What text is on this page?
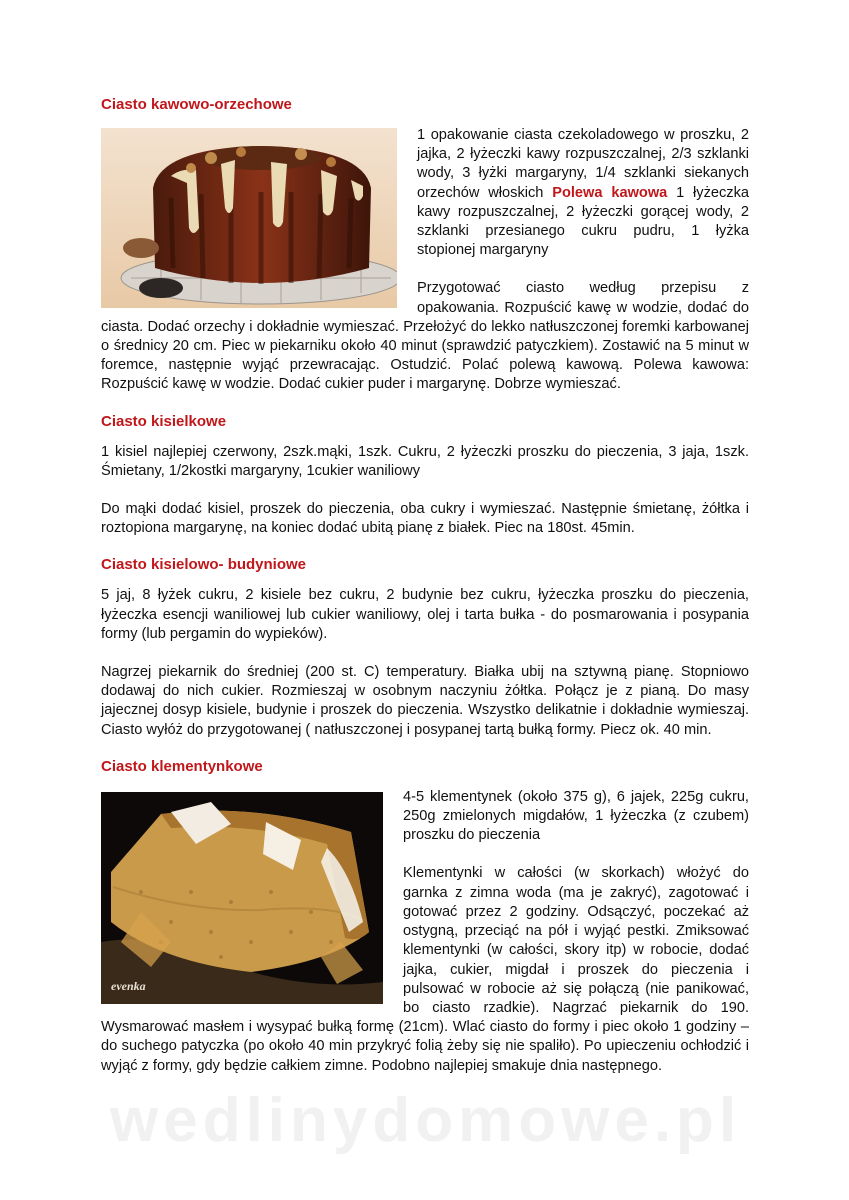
wedlinydomowe.pl
Ciasto kawowo-orzechowe

1 opakowanie ciasta czekoladowego w proszku, 2 jajka, 2 łyżeczki kawy rozpuszczalnej, 2/3 szklanki wody, 3 łyżki margaryny, 1/4 szklanki siekanych orzechów włoskich Polewa kawowa 1 łyżeczka kawy rozpuszczalnej, 2 łyżeczki gorącej wody, 2 szklanki przesianego cukru pudru, 1 łyżka stopionej margaryny

Przygotować ciasto według przepisu z opakowania. Rozpuścić kawę w wodzie, dodać do ciasta. Dodać orzechy i dokładnie wymieszać. Przełożyć do lekko natłuszczonej foremki karbowanej o średnicy 20 cm. Piec w piekarniku około 40 minut (sprawdzić patyczkiem). Zostawić na 5 minut w foremce, następnie wyjąć przewracając. Ostudzić. Polać polewą kawową. Polewa kawowa: Rozpuścić kawę w wodzie. Dodać cukier puder i margarynę. Dobrze wymieszać.

Ciasto kisielkowe

1 kisiel najlepiej czerwony, 2szk.mąki, 1szk. Cukru, 2 łyżeczki proszku do pieczenia, 3 jaja, 1szk. Śmietany, 1/2kostki margaryny, 1cukier waniliowy

Do mąki dodać kisiel, proszek do pieczenia, oba cukry i wymieszać. Następnie śmietanę, żółtka i roztopiona margarynę, na koniec dodać ubitą pianę z białek. Piec na 180st. 45min.

Ciasto kisielowo- budyniowe

5 jaj, 8 łyżek cukru, 2 kisiele bez cukru, 2 budynie bez cukru, łyżeczka proszku do pieczenia, łyżeczka esencji waniliowej lub cukier waniliowy, olej i tarta bułka - do posmarowania i posypania formy (lub pergamin do wypieków).

Nagrzej piekarnik do średniej (200 st. C) temperatury. Białka ubij na sztywną pianę. Stopniowo dodawaj do nich cukier. Rozmieszaj w osobnym naczyniu żółtka. Połącz je z pianą. Do masy jajecznej dosyp kisiele, budynie i proszek do pieczenia. Wszystko delikatnie i dokładnie wymieszaj. Ciasto wyłóż do przygotowanej ( natłuszczonej i posypanej tartą bułką formy. Piecz ok. 40 min.

Ciasto klementynkowe
evenka

4-5 klementynek (około 375 g), 6 jajek, 225g cukru, 250g zmielonych migdałów, 1 łyżeczka (z czubem) proszku do pieczenia

Klementynki w całości (w skorkach) włożyć do garnka z zimna woda (ma je zakryć), zagotować i gotować przez 2 godziny. Odsączyć, poczekać aż ostygną, przeciąć na pół i wyjąć pestki. Zmiksować klementynki (w całości, skory itp) w robocie, dodać jajka, cukier, migdał i proszek do pieczenia i pulsować w robocie aż się połączą (nie panikować, bo ciasto rzadkie). Nagrzać piekarnik do 190. Wysmarować masłem i wysypać bułką formę (21cm). Wlać ciasto do formy i piec około 1 godziny – do suchego patyczka (po około 40 min przykryć folią żeby się nie spaliło). Po upieczeniu ochłodzić i wyjąć z formy, gdy będzie całkiem zimne. Podobno najlepiej smakuje dnia następnego.
